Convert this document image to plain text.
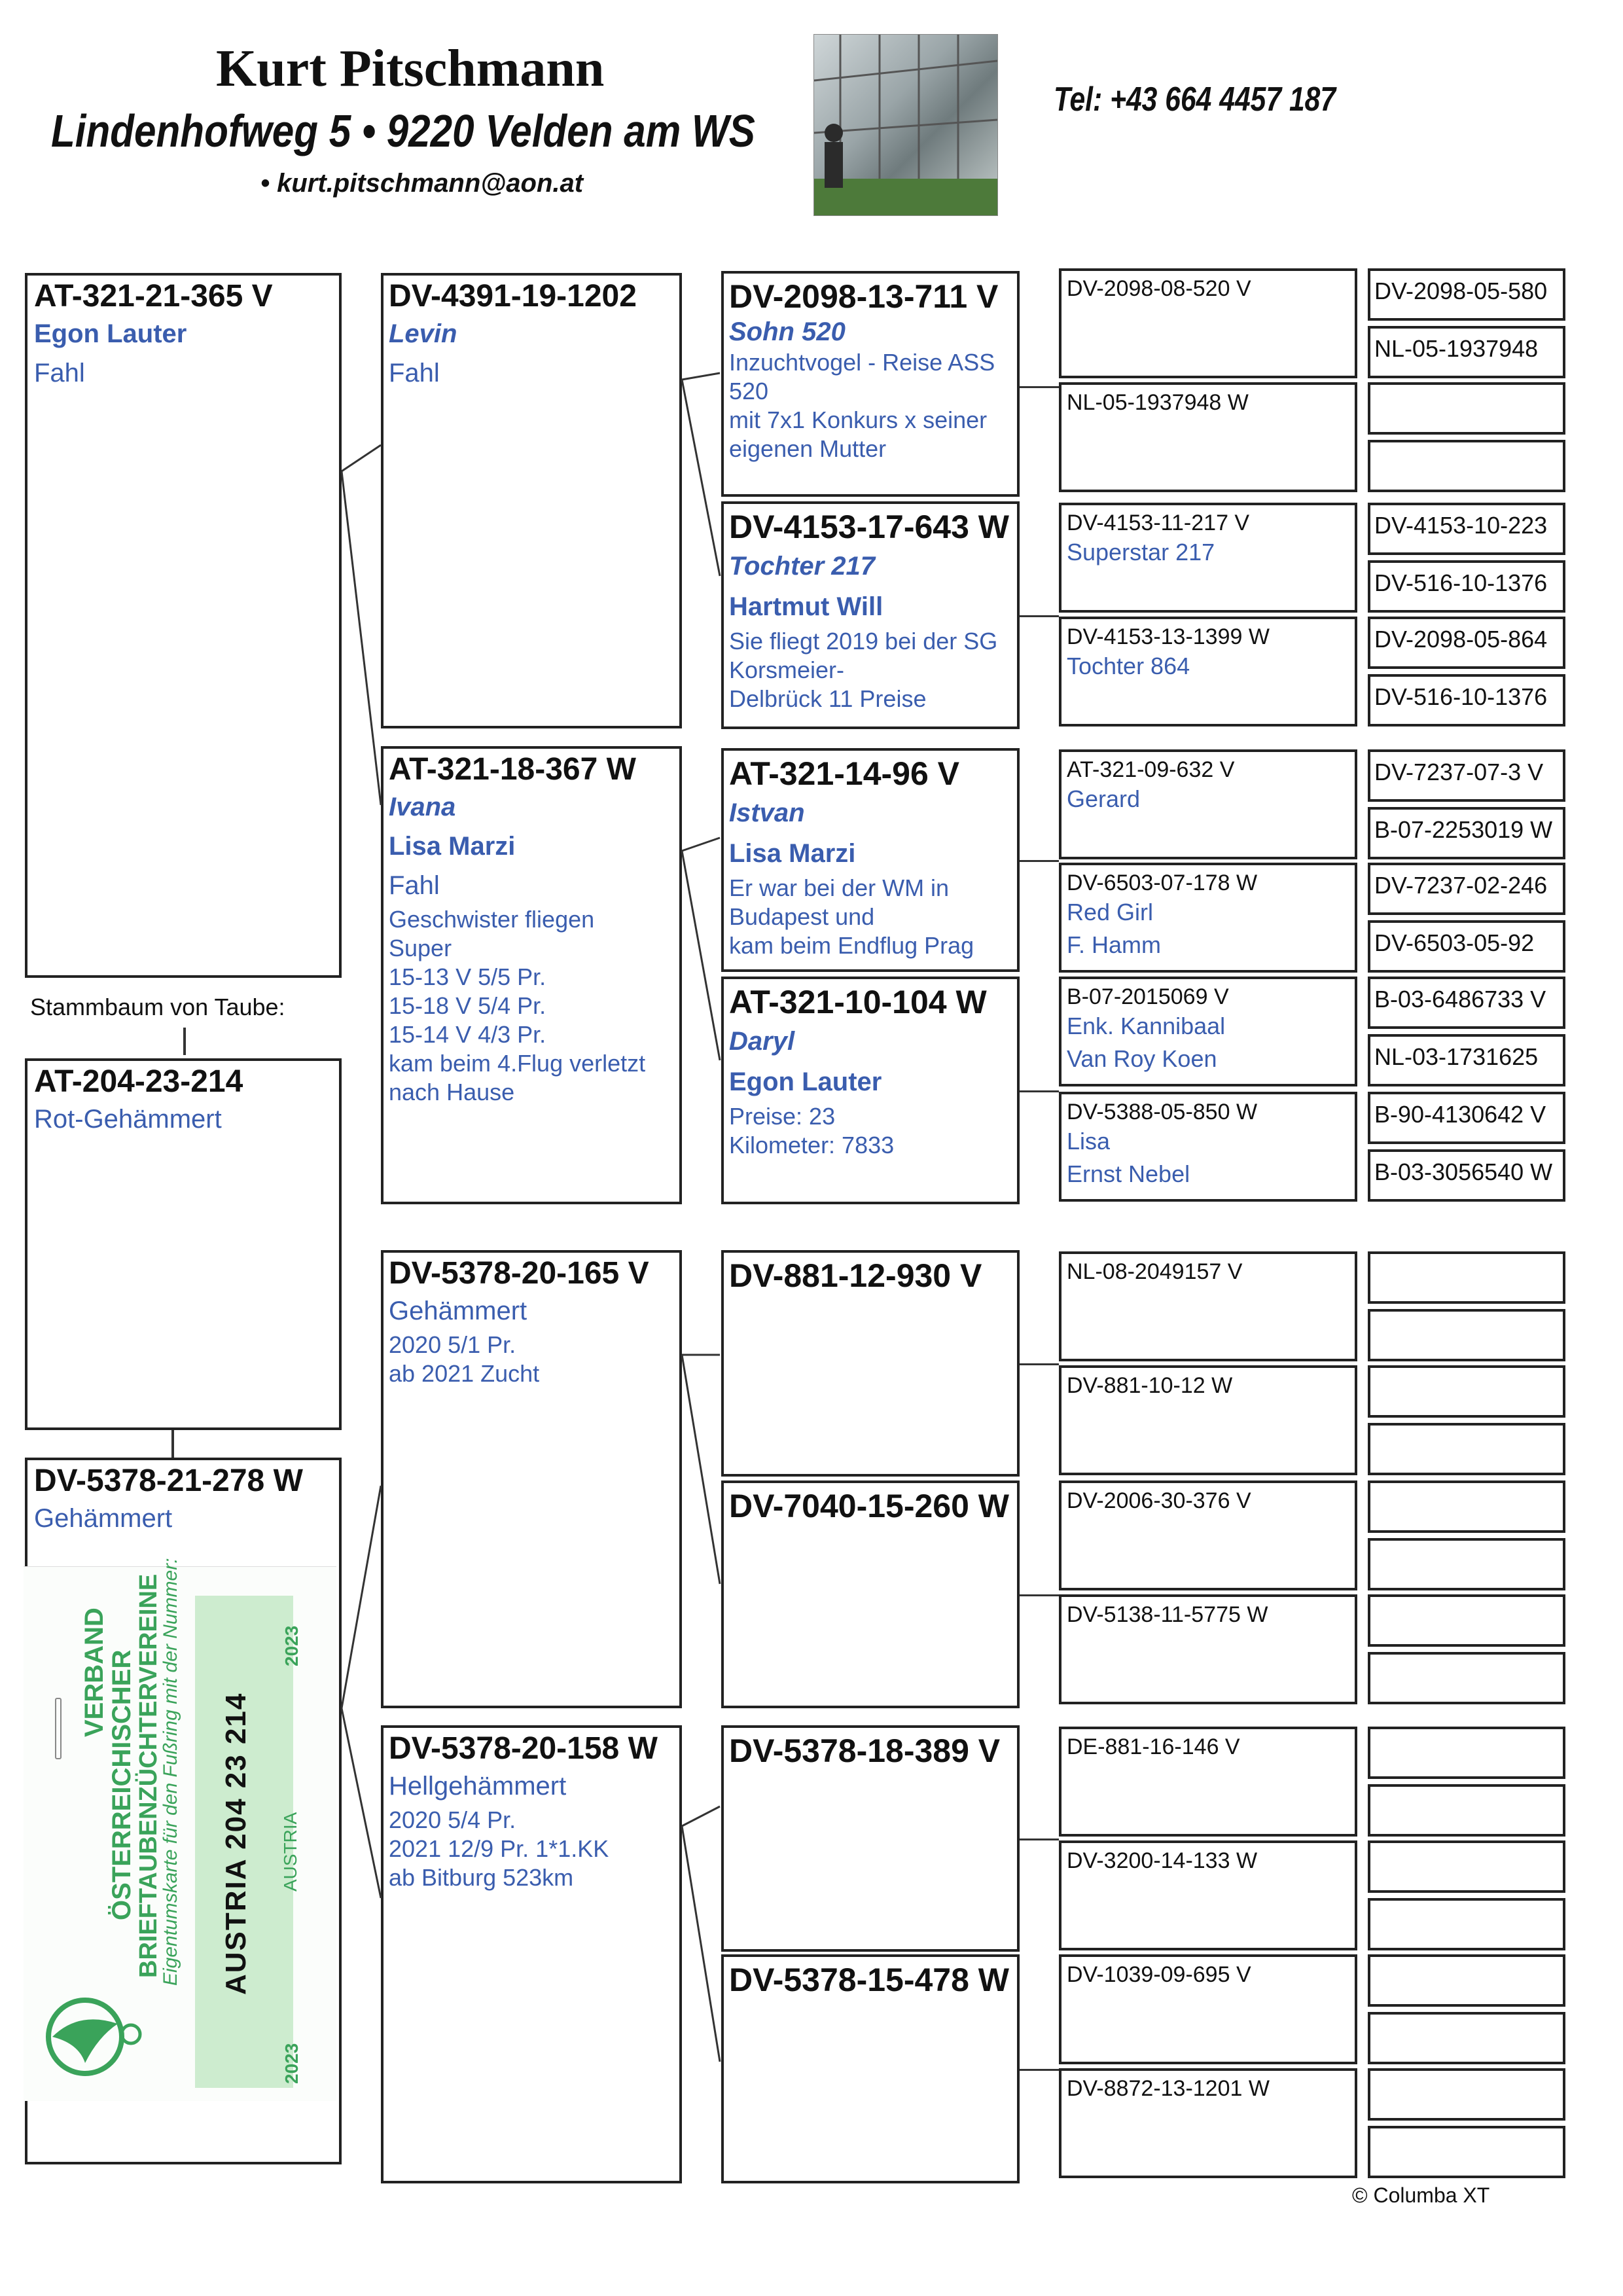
Kurt Pitschmann
Lindenhofweg 5 • 9220 Velden am WS
• kurt.pitschmann@aon.at
Tel: +43 664 4457 187
AT-321-21-365 V
Egon Lauter
Fahl
Stammbaum von Taube:
AT-204-23-214
Rot-Gehämmert
DV-5378-21-278 W
Gehämmert
VERBAND
ÖSTERREICHISCHER
BRIEFTAUBENZÜCHTERVEREINE
Eigentumskarte für den Fußring mit der Nummer: AUSTRIA 204 23 214 AUSTRIA
2023
2023
DV-4391-19-1202
Levin
Fahl
AT-321-18-367 W
Ivana
Lisa Marzi
Fahl
Geschwister fliegen
Super
15-13 V 5/5 Pr.
15-18 V 5/4 Pr.
15-14 V 4/3 Pr.
kam beim 4.Flug verletzt
nach Hause
DV-5378-20-165 V
Gehämmert
2020 5/1 Pr.
ab 2021 Zucht
DV-5378-20-158 W
Hellgehämmert
2020 5/4 Pr.
2021 12/9 Pr. 1*1.KK
ab Bitburg 523km
DV-2098-13-711 V
Sohn 520
Inzuchtvogel - Reise ASS
520
mit 7x1 Konkurs x seiner
eigenen Mutter
DV-4153-17-643 W
Tochter 217
Hartmut Will
Sie fliegt 2019 bei der SG
Korsmeier-
Delbrück 11 Preise
AT-321-14-96 V
Istvan
Lisa Marzi
Er war bei der WM in
Budapest und
kam beim Endflug Prag
AT-321-10-104 W
Daryl
Egon Lauter
Preise: 23
Kilometer: 7833
DV-881-12-930 V
DV-7040-15-260 W
DV-5378-18-389 V
DV-5378-15-478 W
DV-2098-08-520 V
NL-05-1937948 W
DV-4153-11-217 V
Superstar 217
DV-4153-13-1399 W
Tochter 864
AT-321-09-632 V
Gerard
DV-6503-07-178 W
Red Girl
F. Hamm
B-07-2015069 V
Enk. Kannibaal
Van Roy Koen
DV-5388-05-850 W
Lisa
Ernst Nebel
NL-08-2049157 V
DV-881-10-12 W
DV-2006-30-376 V
DV-5138-11-5775 W
DE-881-16-146 V
DV-3200-14-133 W
DV-1039-09-695 V
DV-8872-13-1201 W
DV-2098-05-580
NL-05-1937948
DV-4153-10-223
DV-516-10-1376
DV-2098-05-864
DV-516-10-1376
DV-7237-07-3 V
B-07-2253019 W
DV-7237-02-246
DV-6503-05-92
B-03-6486733 V
NL-03-1731625
B-90-4130642 V
B-03-3056540 W
© Columba XT
